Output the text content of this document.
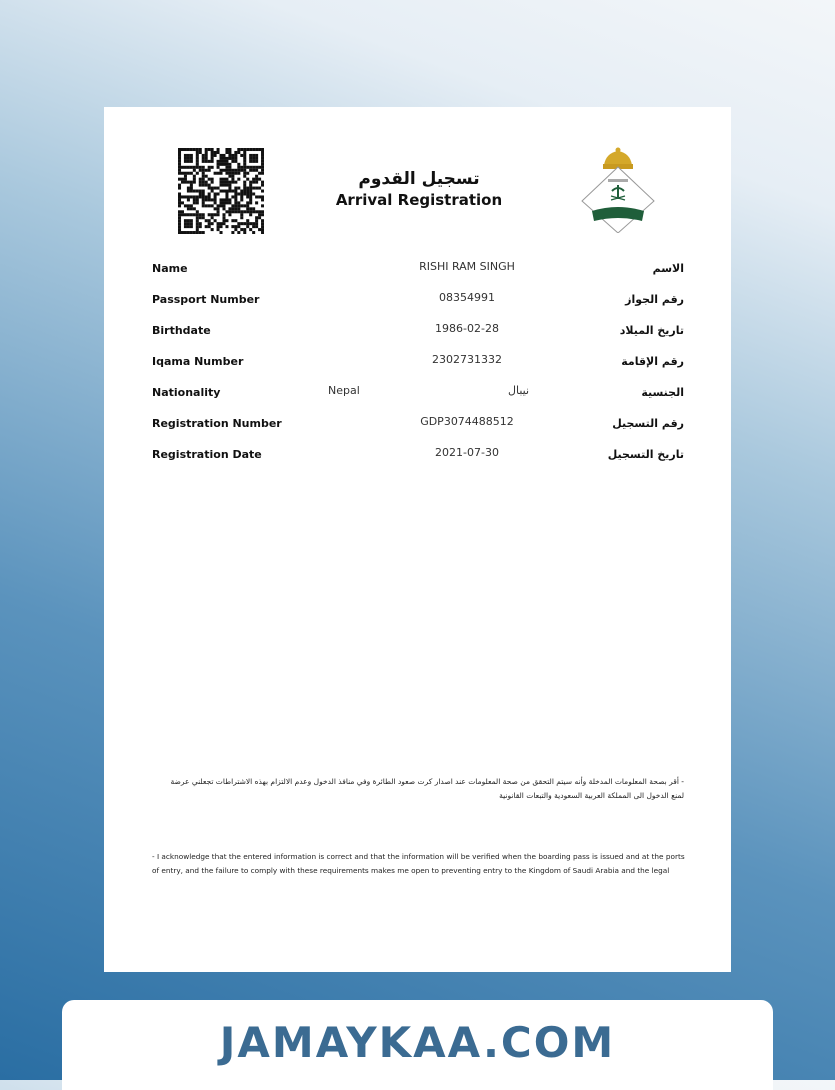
تسجيل القدوم
Arrival Registration
Name	RISHI RAM SINGH	الاسم
Passport Number	08354991	رقم الجواز
Birthdate	1986-02-28	تاريخ الميلاد
Iqama Number	2302731332	رقم الإقامة
Nationality	Nepal	نيبال	الجنسية
Registration Number	GDP3074488512	رقم التسجيل
Registration Date	2021-07-30	تاريخ التسجيل
- أقر بصحة المعلومات المدخلة وأنه سيتم التحقق من صحة المعلومات عند اصدار كرت صعود الطائرة وفي منافذ الدخول وعدم الالتزام بهذه الاشتراطات تجعلني عرضة لمنع الدخول الى المملكة العربية السعودية والتبعات القانونية
- I acknowledge that the entered information is correct and that the information will be verified when the boarding pass is issued and at the ports of entry, and the failure to comply with these requirements makes me open to preventing entry to the Kingdom of Saudi Arabia and the legal
JAMAYKAA.COM
